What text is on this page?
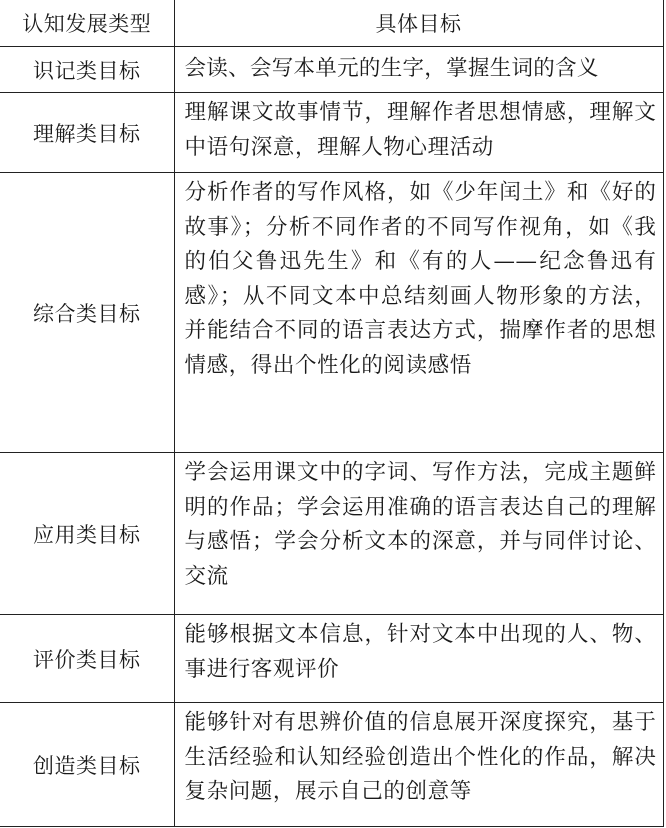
认知发展类型	具体目标
识记类目标	会读、会写本单元的生字，掌握生词的含义
理解类目标	理解课文故事情节，理解作者思想情感，理解文中语句深意，理解人物心理活动
综合类目标	分析作者的写作风格，如《少年闰土》和《好的故事》；分析不同作者的不同写作视角，如《我的伯父鲁迅先生》和《有的人——纪念鲁迅有感》；从不同文本中总结刻画人物形象的方法，并能结合不同的语言表达方式，揣摩作者的思想情感，得出个性化的阅读感悟
应用类目标	学会运用课文中的字词、写作方法，完成主题鲜明的作品；学会运用准确的语言表达自己的理解与感悟；学会分析文本的深意，并与同伴讨论、交流
评价类目标	能够根据文本信息，针对文本中出现的人、物、事进行客观评价
创造类目标	能够针对有思辨价值的信息展开深度探究，基于生活经验和认知经验创造出个性化的作品，解决复杂问题，展示自己的创意等
